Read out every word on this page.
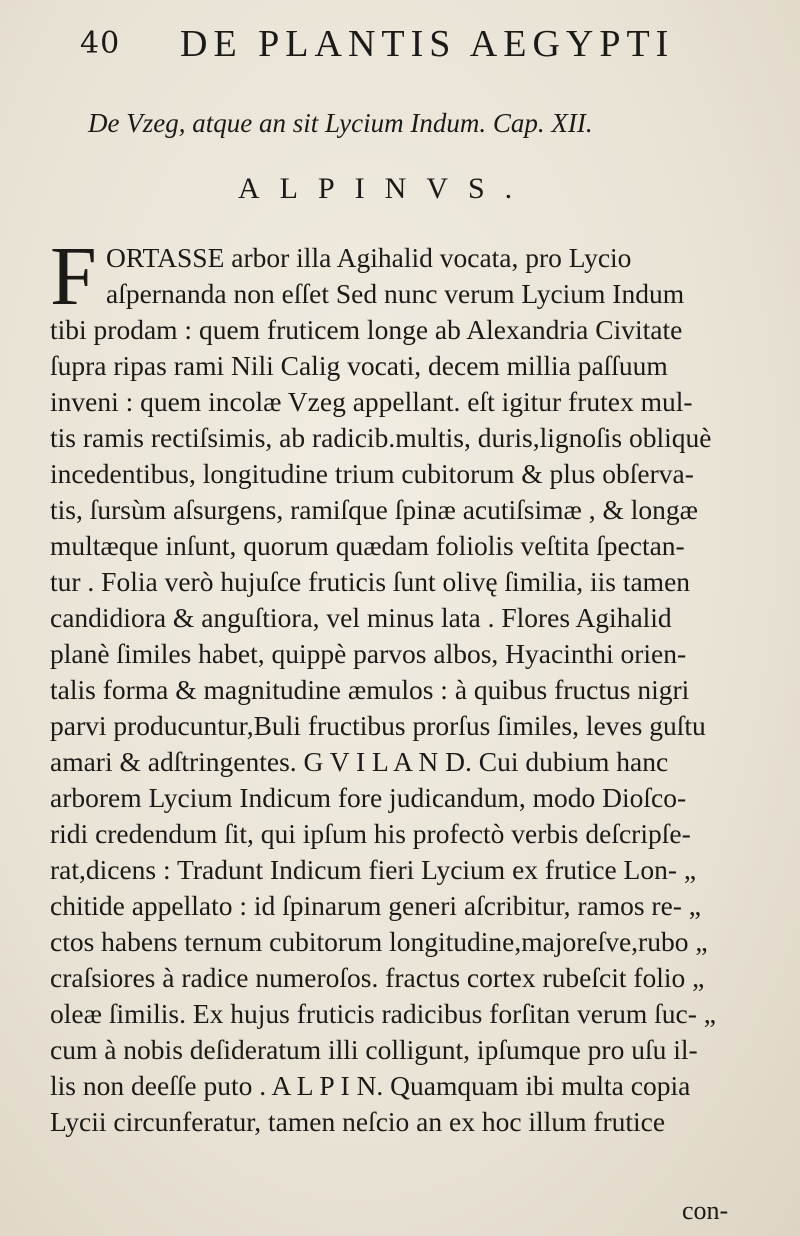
40 DE PLANTIS AEGYPTI
De Vzeg, atque an sit Lycium Indum. Cap. XII.
ALPINVS.
F ORTASSE arbor illa Agihalid vocata, pro Lycio
aſpernanda non eſſet Sed nunc verum Lycium Indum
tibi prodam : quem fruticem longe ab Alexandria Civitate
ſupra ripas rami Nili Calig vocati, decem millia paſſuum
inveni : quem incolæ Vzeg appellant. eſt igitur frutex mul-
tis ramis rectiſsimis, ab radicib.multis, duris,lignoſis obliquè
incedentibus, longitudine trium cubitorum & plus obſerva-
tis, ſursùm aſsurgens, ramiſque ſpinæ acutiſsimæ , & longæ
multæque inſunt, quorum quædam foliolis veſtita ſpectan-
tur . Folia verò hujuſce fruticis ſunt olivę ſimilia, iis tamen
candidiora & anguſtiora, vel minus lata . Flores Agihalid
planè ſimiles habet, quippè parvos albos, Hyacinthi orien-
talis forma & magnitudine æmulos : à quibus fructus nigri
parvi producuntur,Buli fructibus prorſus ſimiles, leves guſtu
amari & adſtringentes. G V I L A N D. Cui dubium hanc
arborem Lycium Indicum fore judicandum, modo Dioſco-
ridi credendum ſit, qui ipſum his profectò verbis deſcripſe-
rat,dicens : Tradunt Indicum fieri Lycium ex frutice Lon- „
chitide appellato : id ſpinarum generi aſcribitur, ramos re- „
ctos habens ternum cubitorum longitudine,majoreſve,rubo „
craſsiores à radice numeroſos. fractus cortex rubeſcit folio „
oleæ ſimilis. Ex hujus fruticis radicibus forſitan verum ſuc- „
cum à nobis deſideratum illi colligunt, ipſumque pro uſu il-
lis non deeſſe puto . A L P I N. Quamquam ibi multa copia
Lycii circunferatur, tamen neſcio an ex hoc illum frutice
con-
